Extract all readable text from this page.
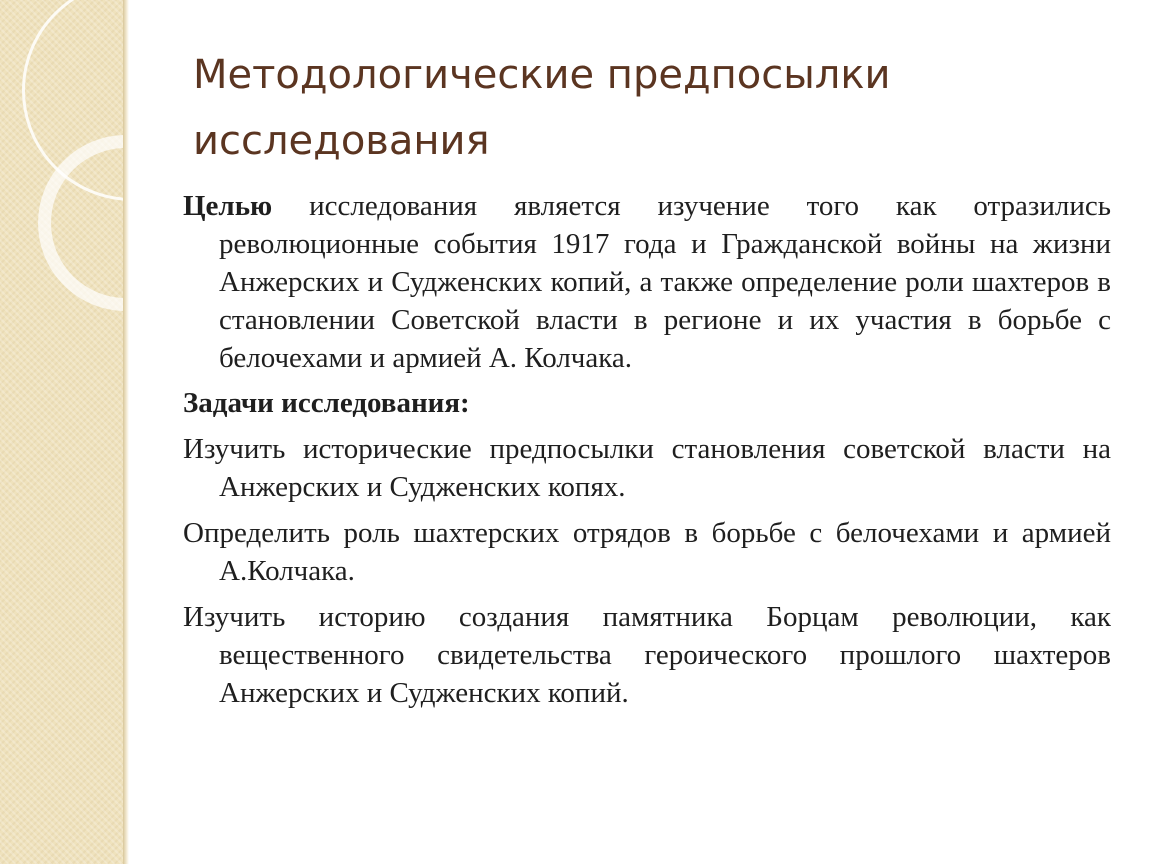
Методологические предпосылки
исследования

Целью исследования является изучение того как отразились революционные события 1917 года и Гражданской войны на жизни Анжерских и Судженских копий, а также определение роли шахтеров в становлении Советской власти в регионе и их участия в борьбе с белочехами и армией А. Колчака.

Задачи исследования:

Изучить исторические предпосылки становления советской власти на Анжерских и Судженских копях.

Определить роль шахтерских отрядов в борьбе с белочехами и армией А.Колчака.

Изучить историю создания памятника Борцам революции, как вещественного свидетельства героического прошлого шахтеров Анжерских и Судженских копий.
